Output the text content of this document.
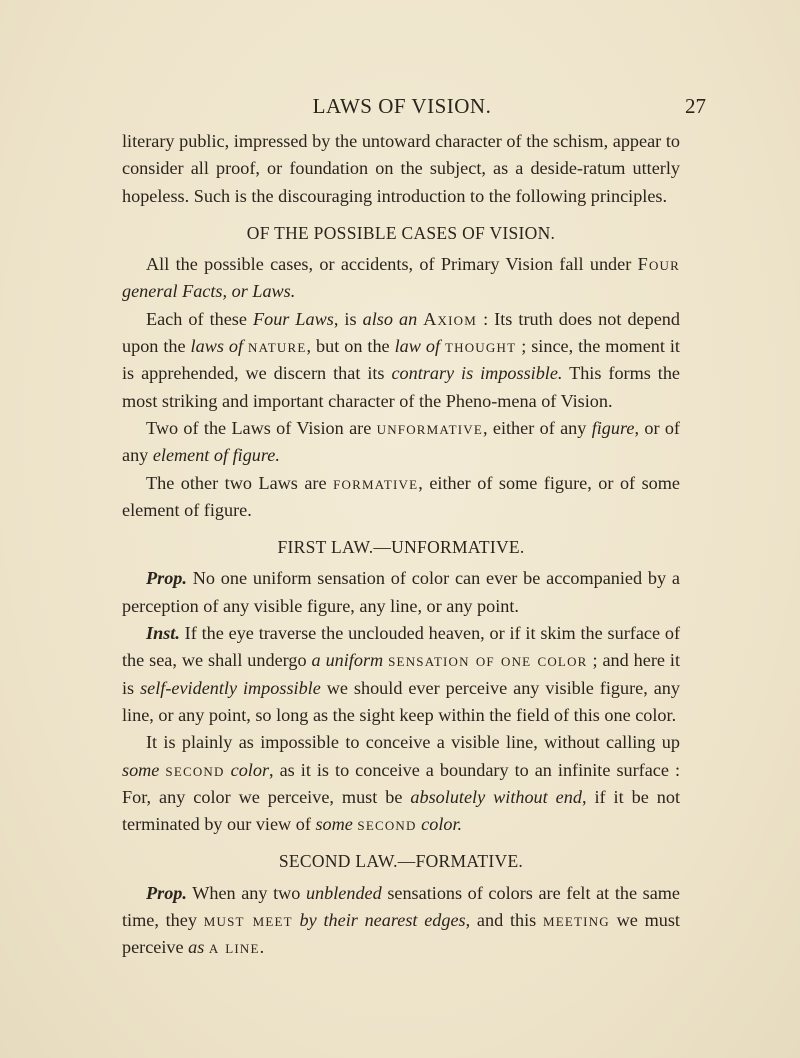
LAWS OF VISION.	27

literary public, impressed by the untoward character of the schism, appear to consider all proof, or foundation on the subject, as a deside-ratum utterly hopeless. Such is the discouraging introduction to the following principles.

OF THE POSSIBLE CASES OF VISION.

All the possible cases, or accidents, of Primary Vision fall under Four general Facts, or Laws.

Each of these Four Laws, is also an Axiom : Its truth does not depend upon the laws of nature, but on the law of thought ; since, the moment it is apprehended, we discern that its contrary is impossible. This forms the most striking and important character of the Pheno-mena of Vision.

Two of the Laws of Vision are unformative, either of any figure, or of any element of figure.

The other two Laws are formative, either of some figure, or of some element of figure.

FIRST LAW.—UNFORMATIVE.

Prop. No one uniform sensation of color can ever be accompanied by a perception of any visible figure, any line, or any point.

Inst. If the eye traverse the unclouded heaven, or if it skim the surface of the sea, we shall undergo a uniform sensation of one color ; and here it is self-evidently impossible we should ever perceive any visible figure, any line, or any point, so long as the sight keep within the field of this one color.

It is plainly as impossible to conceive a visible line, without calling up some second color, as it is to conceive a boundary to an infinite surface : For, any color we perceive, must be absolutely without end, if it be not terminated by our view of some second color.

SECOND LAW.—FORMATIVE.

Prop. When any two unblended sensations of colors are felt at the same time, they must meet by their nearest edges, and this meeting we must perceive as a line.
